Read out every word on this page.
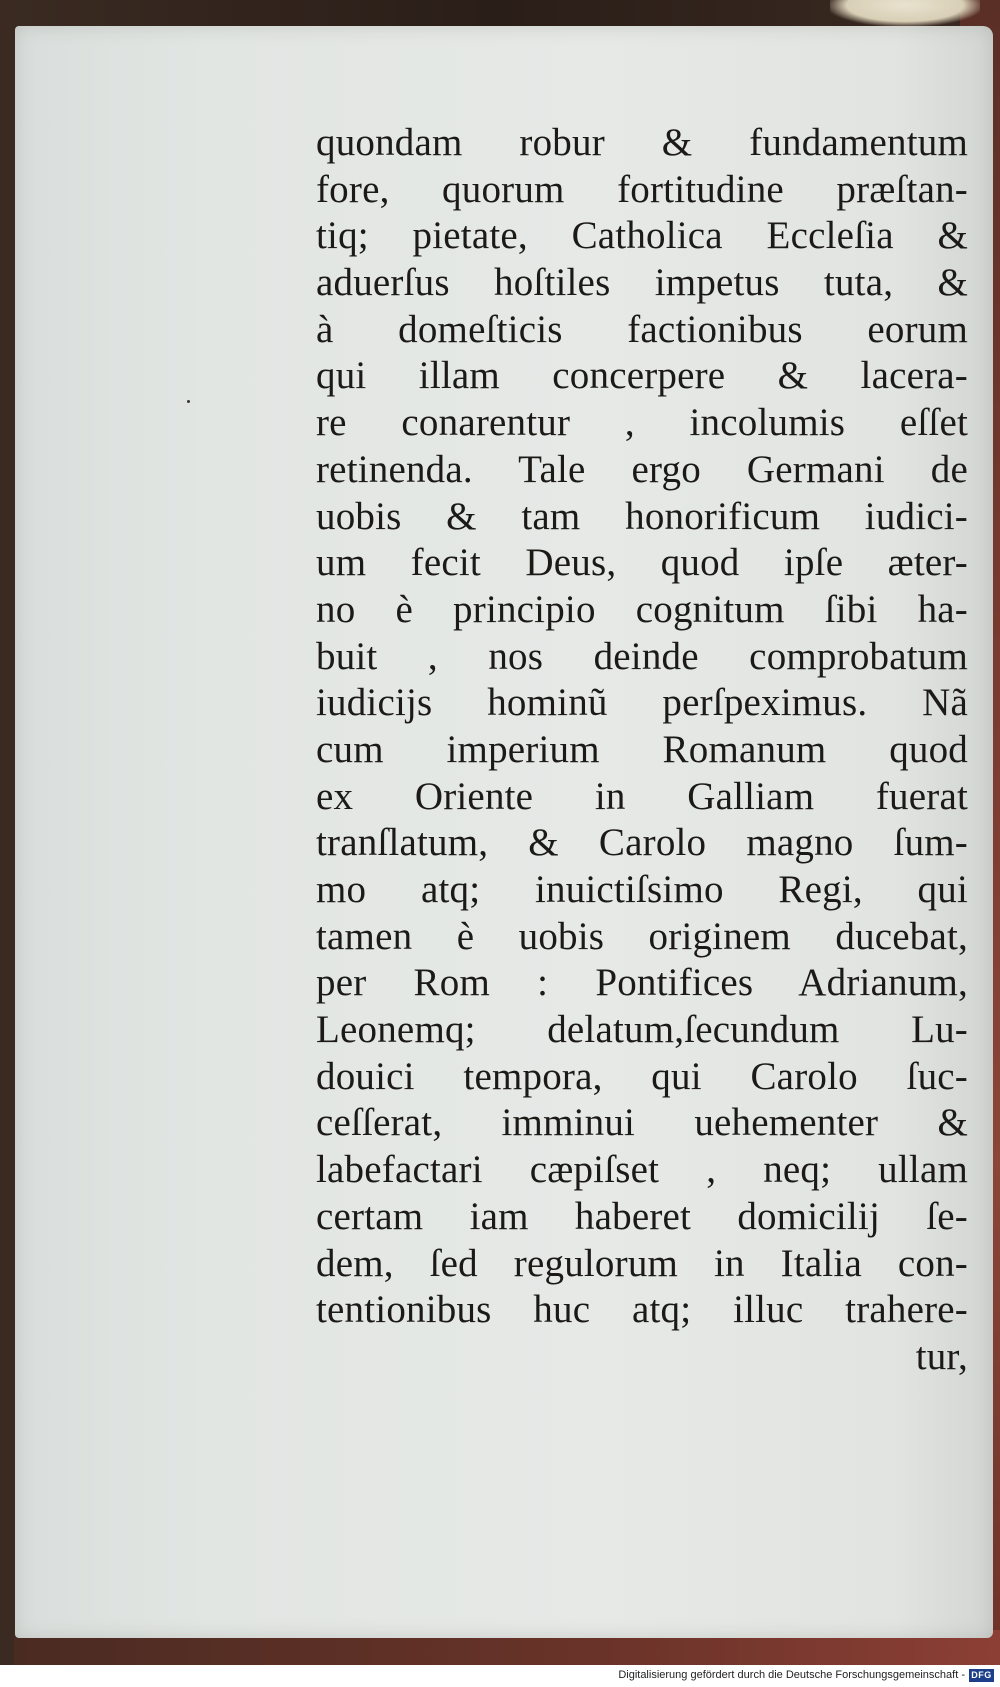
quondam robur & fundamentum
fore, quorum fortitudine præſtan-
tiq; pietate, Catholica Eccleſia &
aduerſus hoſtiles impetus tuta, &
à domeſticis factionibus eorum
qui illam concerpere & lacera-
re conarentur , incolumis eſſet
retinenda. Tale ergo Germani de
uobis & tam honorificum iudici-
um fecit Deus, quod ipſe æter-
no è principio cognitum ſibi ha-
buit , nos deinde comprobatum
iudicijs hominũ perſpeximus. Nã
cum imperium Romanum quod
ex Oriente in Galliam fuerat
tranſlatum, & Carolo magno ſum-
mo atq; inuictiſsimo Regi, qui
tamen è uobis originem ducebat,
per Rom : Pontifices Adrianum,
Leonemq; delatum,ſecundum Lu-
douici tempora, qui Carolo ſuc-
ceſſerat, imminui uehementer &
labefactari cæpiſset , neq; ullam
certam iam haberet domicilij ſe-
dem, ſed regulorum in Italia con-
tentionibus huc atq; illuc trahere-
tur,
Digitalisierung gefördert durch die Deutsche Forschungsgemeinschaft - DFG
